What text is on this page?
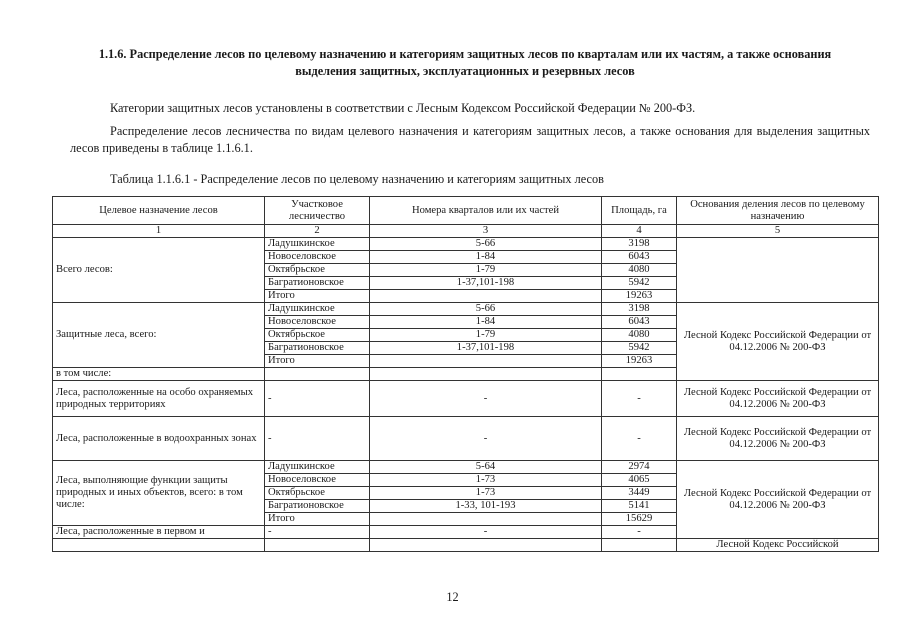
1.1.6. Распределение лесов по целевому назначению и категориям защитных лесов по кварталам или их частям, а также основания выделения защитных, эксплуатационных и резервных лесов
Категории защитных лесов установлены в соответствии с Лесным Кодексом Российской Федерации № 200-ФЗ.
Распределение лесов лесничества по видам целевого назначения и категориям защитных лесов, а также основания для выделения защитных лесов приведены в таблице 1.1.6.1.
Таблица 1.1.6.1 - Распределение лесов по целевому назначению и категориям защитных лесов
Целевое назначение лесов	Участковое лесничество	Номера кварталов или их частей	Площадь, га	Основания деления лесов по целевому назначению
1	2	3	4	5
Всего лесов:	Ладушкинское	5-66	3198	
	Новоселовское	1-84	6043	
	Октябрьское	1-79	4080	
	Багратионовское	1-37,101-198	5942	
	Итого		19263	
Защитные леса, всего:	Ладушкинское	5-66	3198	Лесной Кодекс Российской Федерации от 04.12.2006 № 200-ФЗ
	Новоселовское	1-84	6043	
	Октябрьское	1-79	4080	
	Багратионовское	1-37,101-198	5942	
	Итого		19263	
в том числе:				
Леса, расположенные на особо охраняемых природных территориях	-	-	-	Лесной Кодекс Российской Федерации от 04.12.2006 № 200-ФЗ
Леса, расположенные в водоохранных зонах	-	-	-	Лесной Кодекс Российской Федерации от 04.12.2006 № 200-ФЗ
Леса, выполняющие функции защиты природных и иных объектов, всего: в том числе:	Ладушкинское	5-64	2974	Лесной Кодекс Российской Федерации от 04.12.2006 № 200-ФЗ
	Новоселовское	1-73	4065	
	Октябрьское	1-73	3449	
	Багратионовское	1-33, 101-193	5141	
	Итого		15629	
Леса, расположенные в первом и	-	-	-	
				Лесной Кодекс Российской
12
